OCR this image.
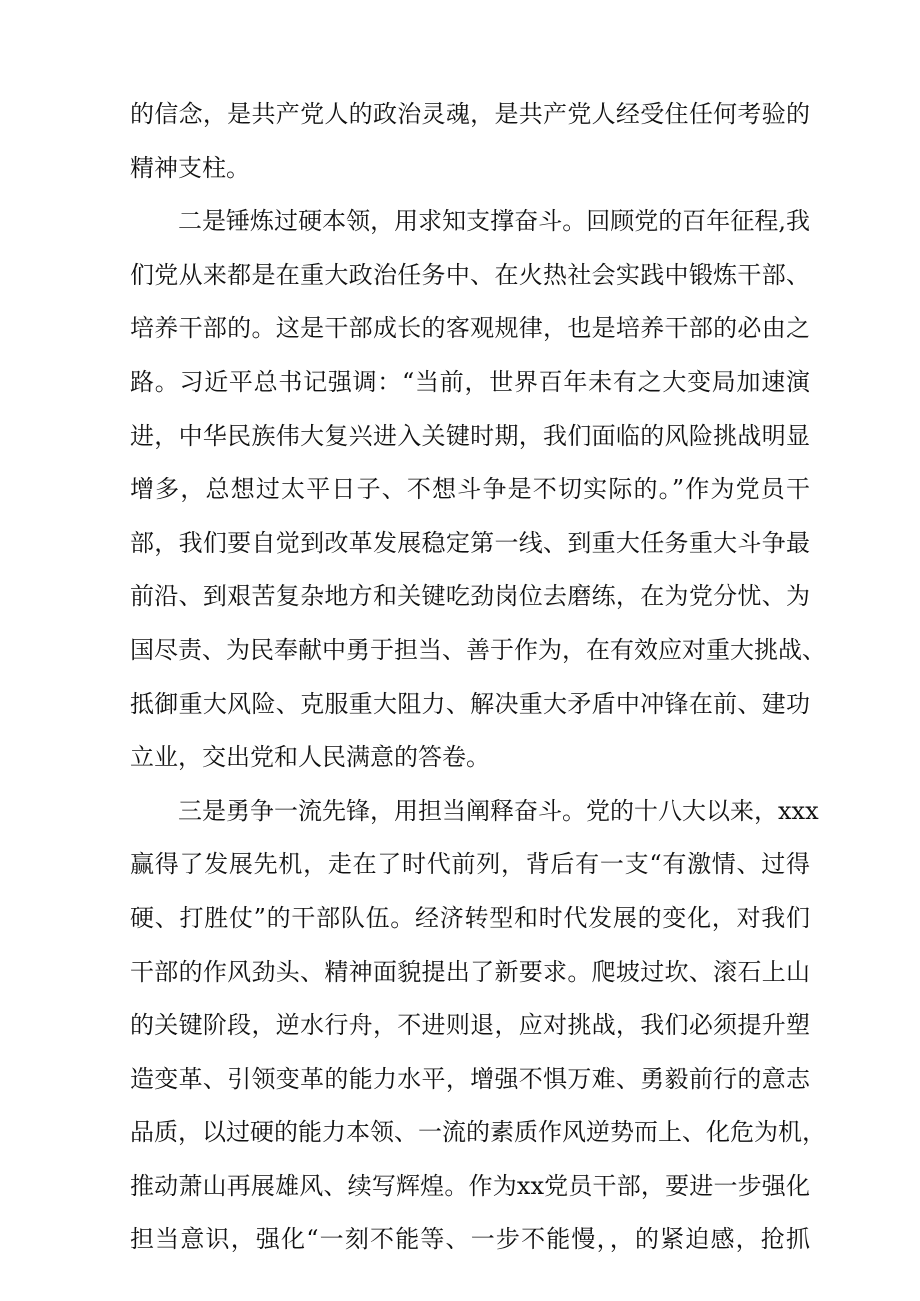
的信念，是共产党人的政治灵魂，是共产党人经受住任何考验的
精神支柱。
二是锤炼过硬本领，用求知支撑奋斗。回顾党的百年征程,我
们党从来都是在重大政治任务中、在火热社会实践中锻炼干部、
培养干部的。这是干部成长的客观规律，也是培养干部的必由之
路。习近平总书记强调：“当前，世界百年未有之大变局加速演
进，中华民族伟大复兴进入关键时期，我们面临的风险挑战明显
增多，总想过太平日子、不想斗争是不切实际的。”作为党员干
部，我们要自觉到改革发展稳定第一线、到重大任务重大斗争最
前沿、到艰苦复杂地方和关键吃劲岗位去磨练，在为党分忧、为
国尽责、为民奉献中勇于担当、善于作为，在有效应对重大挑战、
抵御重大风险、克服重大阻力、解决重大矛盾中冲锋在前、建功
立业，交出党和人民满意的答卷。
三是勇争一流先锋，用担当阐释奋斗。党的十八大以来，xxx
赢得了发展先机，走在了时代前列，背后有一支“有激情、过得
硬、打胜仗”的干部队伍。经济转型和时代发展的变化，对我们
干部的作风劲头、精神面貌提出了新要求。爬坡过坎、滚石上山
的关键阶段，逆水行舟，不进则退，应对挑战，我们必须提升塑
造变革、引领变革的能力水平，增强不惧万难、勇毅前行的意志
品质，以过硬的能力本领、一流的素质作风逆势而上、化危为机，
推动萧山再展雄风、续写辉煌。作为xx党员干部，要进一步强化
担当意识，强化“一刻不能等、一步不能慢，，的紧迫感，抢抓
